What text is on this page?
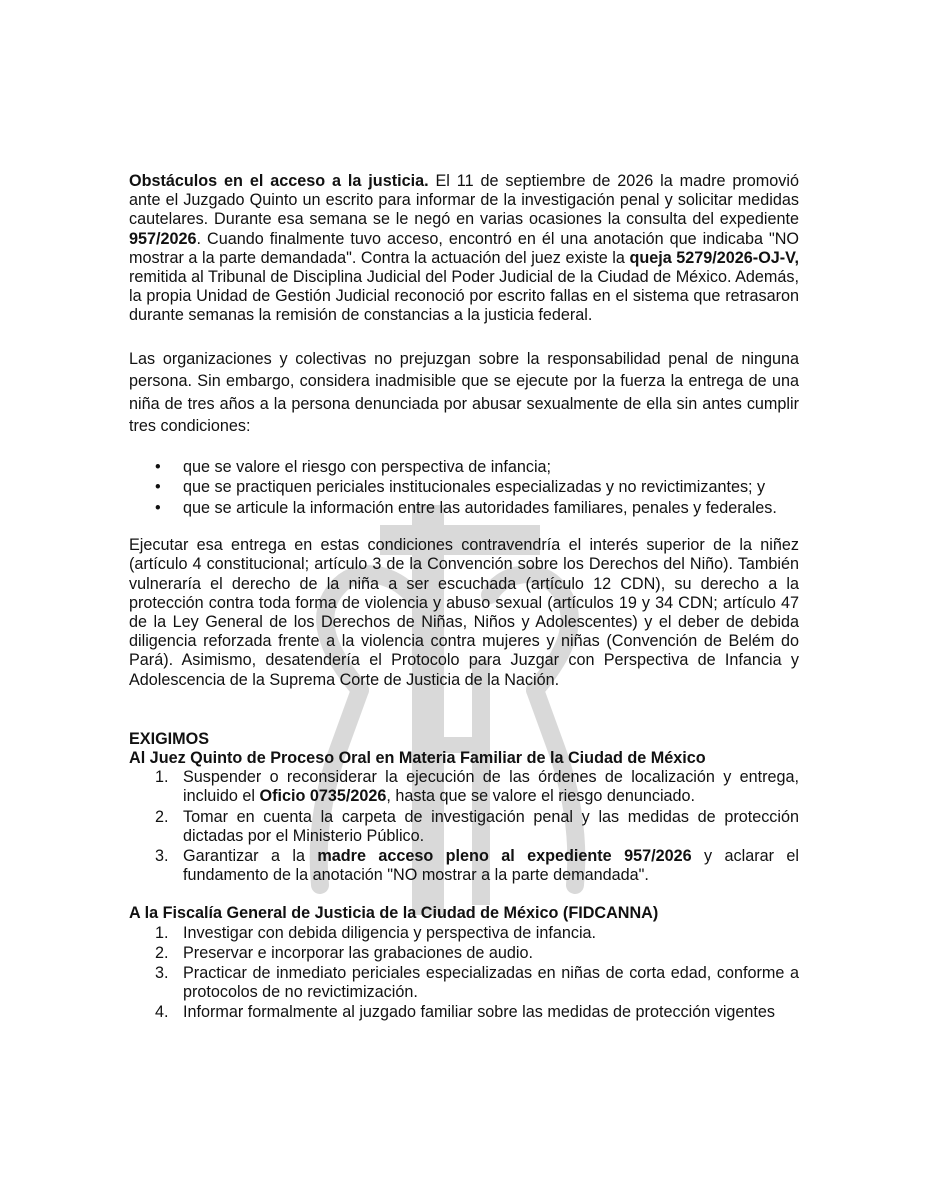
Obstáculos en el acceso a la justicia. El 11 de septiembre de 2026 la madre promovió ante el Juzgado Quinto un escrito para informar de la investigación penal y solicitar medidas cautelares. Durante esa semana se le negó en varias ocasiones la consulta del expediente 957/2026. Cuando finalmente tuvo acceso, encontró en él una anotación que indicaba "NO mostrar a la parte demandada". Contra la actuación del juez existe la queja 5279/2026-OJ-V, remitida al Tribunal de Disciplina Judicial del Poder Judicial de la Ciudad de México. Además, la propia Unidad de Gestión Judicial reconoció por escrito fallas en el sistema que retrasaron durante semanas la remisión de constancias a la justicia federal.

Las organizaciones y colectivas no prejuzgan sobre la responsabilidad penal de ninguna persona. Sin embargo, considera inadmisible que se ejecute por la fuerza la entrega de una niña de tres años a la persona denunciada por abusar sexualmente de ella sin antes cumplir tres condiciones:

• que se valore el riesgo con perspectiva de infancia;
• que se practiquen periciales institucionales especializadas y no revictimizantes; y
• que se articule la información entre las autoridades familiares, penales y federales.

Ejecutar esa entrega en estas condiciones contravendría el interés superior de la niñez (artículo 4 constitucional; artículo 3 de la Convención sobre los Derechos del Niño). También vulneraría el derecho de la niña a ser escuchada (artículo 12 CDN), su derecho a la protección contra toda forma de violencia y abuso sexual (artículos 19 y 34 CDN; artículo 47 de la Ley General de los Derechos de Niñas, Niños y Adolescentes) y el deber de debida diligencia reforzada frente a la violencia contra mujeres y niñas (Convención de Belém do Pará). Asimismo, desatendería el Protocolo para Juzgar con Perspectiva de Infancia y Adolescencia de la Suprema Corte de Justicia de la Nación.

EXIGIMOS
Al Juez Quinto de Proceso Oral en Materia Familiar de la Ciudad de México
1. Suspender o reconsiderar la ejecución de las órdenes de localización y entrega, incluido el Oficio 0735/2026, hasta que se valore el riesgo denunciado.
2. Tomar en cuenta la carpeta de investigación penal y las medidas de protección dictadas por el Ministerio Público.
3. Garantizar a la madre acceso pleno al expediente 957/2026 y aclarar el fundamento de la anotación "NO mostrar a la parte demandada".
A la Fiscalía General de Justicia de la Ciudad de México (FIDCANNA)
1. Investigar con debida diligencia y perspectiva de infancia.
2. Preservar e incorporar las grabaciones de audio.
3. Practicar de inmediato periciales especializadas en niñas de corta edad, conforme a protocolos de no revictimización.
4. Informar formalmente al juzgado familiar sobre las medidas de protección vigentes
